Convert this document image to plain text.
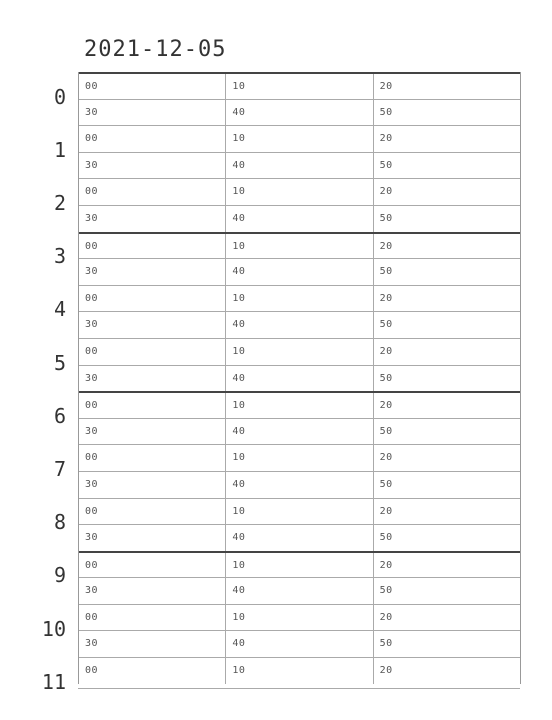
2021-12-05
0
1
2
3
4
5
6
7
8
9
10
11
00	10	20
30	40	50
00	10	20
30	40	50
00	10	20
30	40	50
00	10	20
30	40	50
00	10	20
30	40	50
00	10	20
30	40	50
00	10	20
30	40	50
00	10	20
30	40	50
00	10	20
30	40	50
00	10	20
30	40	50
00	10	20
30	40	50
00	10	20
